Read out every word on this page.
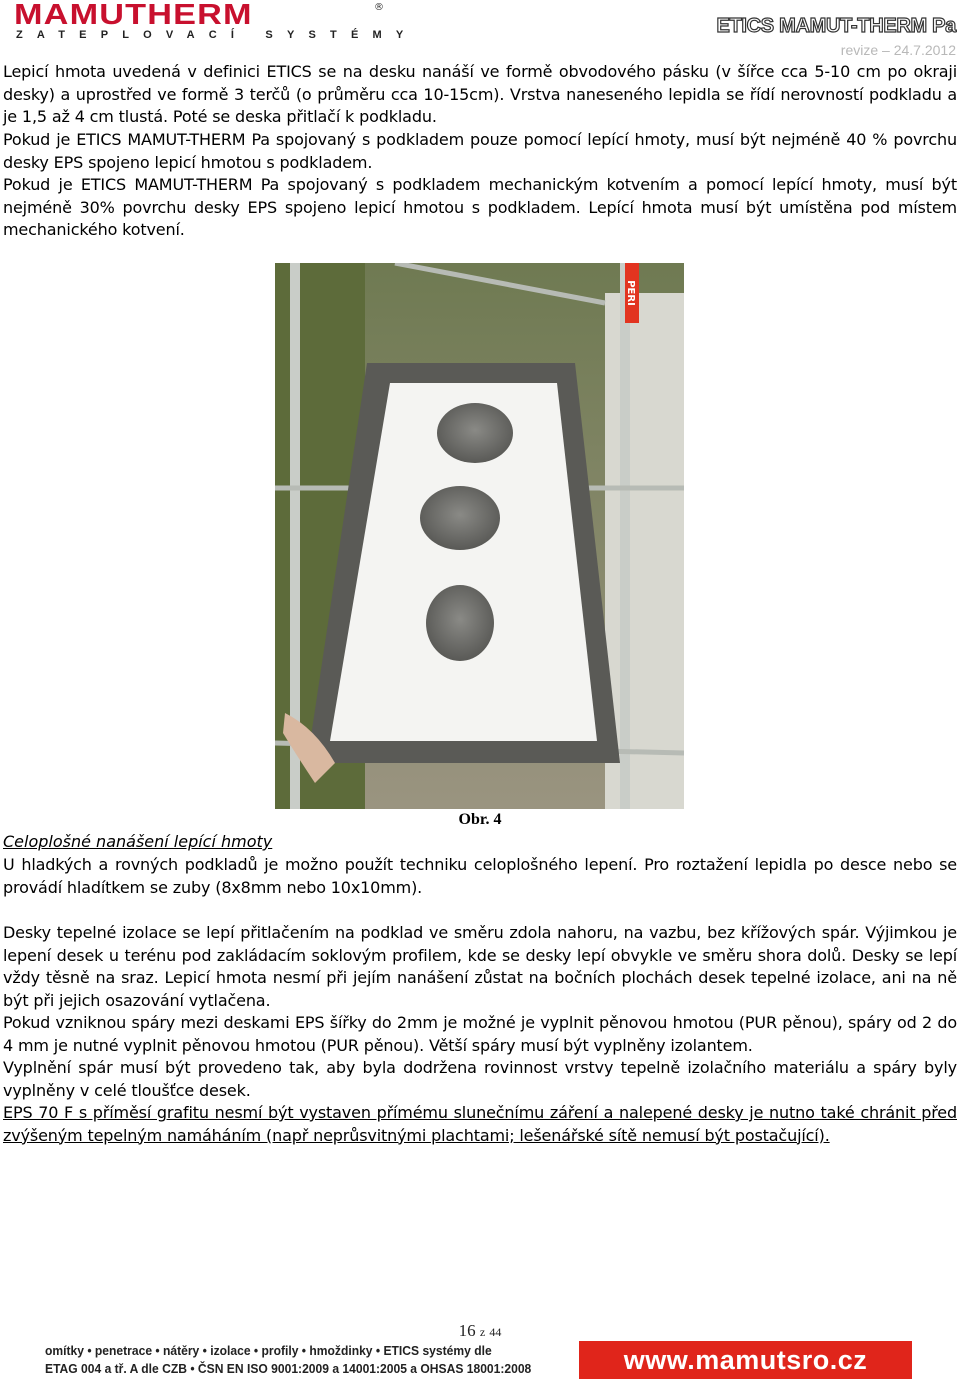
MAMUTHERM	®
ZATEPLOVACÍ SYSTÉMY	ETICS MAMUT-THERM Pa
revize – 24.7.2012

Lepicí hmota uvedená v definici ETICS se na desku nanáší ve formě obvodového pásku (v šířce cca 5-10 cm po okraji desky) a uprostřed ve formě 3 terčů (o průměru cca 10-15cm). Vrstva naneseného lepidla se řídí nerovností podkladu a je 1,5 až 4 cm tlustá. Poté se deska přitlačí k podkladu.

Pokud je ETICS MAMUT-THERM Pa spojovaný s podkladem pouze pomocí lepící hmoty, musí být nejméně 40 % povrchu desky EPS spojeno lepicí hmotou s podkladem.

Pokud je ETICS MAMUT-THERM Pa spojovaný s podkladem mechanickým kotvením a pomocí lepící hmoty, musí být nejméně 30% povrchu desky EPS spojeno lepicí hmotou s podkladem. Lepící hmota musí být umístěna pod místem mechanického kotvení.

PERI
Obr. 4
Celoplošné nanášení lepící hmoty

U hladkých a rovných podkladů je možno použít techniku celoplošného lepení. Pro roztažení lepidla po desce nebo se provádí hladítkem se zuby (8x8mm nebo 10x10mm).

Desky tepelné izolace se lepí přitlačením na podklad ve směru zdola nahoru, na vazbu, bez křížových spár. Výjimkou je lepení desek u terénu pod zakládacím soklovým profilem, kde se desky lepí obvykle ve směru shora dolů. Desky se lepí vždy těsně na sraz. Lepicí hmota nesmí při jejím nanášení zůstat na bočních plochách desek tepelné izolace, ani na ně být při jejich osazování vytlačena.

Pokud vzniknou spáry mezi deskami EPS šířky do 2mm je možné je vyplnit pěnovou hmotou (PUR pěnou), spáry od 2 do 4 mm je nutné vyplnit pěnovou hmotou (PUR pěnou). Větší spáry musí být vyplněny izolantem.

Vyplnění spár musí být provedeno tak, aby byla dodržena rovinnost vrstvy tepelně izolačního materiálu a spáry byly vyplněny v celé tloušťce desek.

EPS 70 F s příměsí grafitu nesmí být vystaven přímému slunečnímu záření a nalepené desky je nutno také chránit před zvýšeným tepelným namáháním (např neprůsvitnými plachtami; lešenářské sítě nemusí být postačující).

16 z 44
omítky • penetrace • nátěry • izolace • profily • hmoždinky • ETICS systémy dle
ETAG 004 a tř. A dle CZB • ČSN EN ISO 9001:2009 a 14001:2005 a OHSAS 18001:2008	www.mamutsro.cz
